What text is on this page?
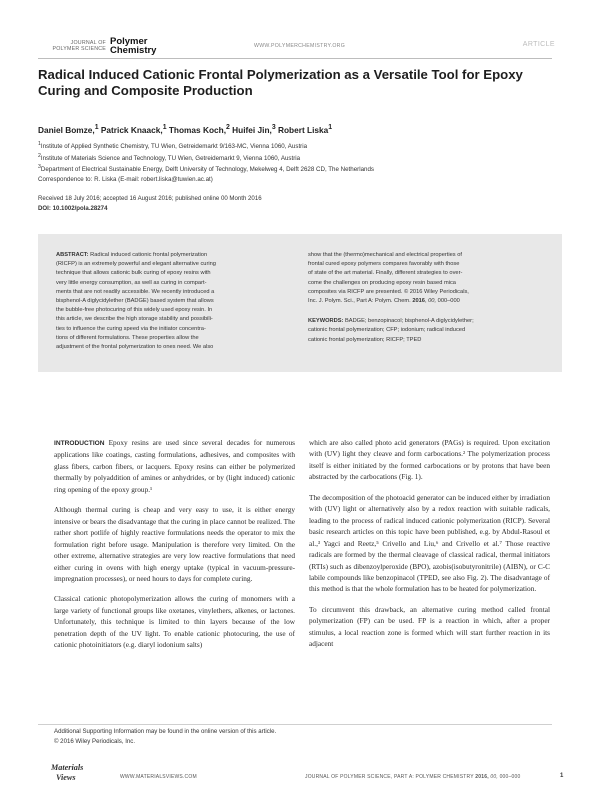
JOURNAL OF
POLYMER SCIENCE
Polymer
Chemistry	WWW.POLYMERCHEMISTRY.ORG	ARTICLE
Radical Induced Cationic Frontal Polymerization as a Versatile Tool for Epoxy Curing and Composite Production
Daniel Bomze,$^1$ Patrick Knaack,$^1$ Thomas Koch,$^2$ Huifei Jin,$^3$ Robert Liska$^1$
$^1$Institute of Applied Synthetic Chemistry, TU Wien, Getreidemarkt 9/163-MC, Vienna 1060, Austria
$^2$Institute of Materials Science and Technology, TU Wien, Getreidemarkt 9, Vienna 1060, Austria
$^3$Department of Electrical Sustainable Energy, Delft University of Technology, Mekelweg 4, Delft 2628 CD, The Netherlands
Correspondence to: R. Liska (E-mail: robert.liska@tuwien.ac.at)
Received 18 July 2016; accepted 16 August 2016; published online 00 Month 2016
DOI: 10.1002/pola.28274
ABSTRACT: Radical induced cationic frontal polymerization
(RICFP) is an extremely powerful and elegant alternative curing
technique that allows cationic bulk curing of epoxy resins with
very little energy consumption, as well as curing in compart-
ments that are not readily accessible. We recently introduced a
bisphenol-A diglycidylether (BADGE) based system that allows
the bubble-free photocuring of this widely used epoxy resin. In
this article, we describe the high storage stability and possibili-
ties to influence the curing speed via the initiator concentra-
tions of different formulations. These properties allow the
adjustment of the frontal polymerization to ones need. We also
show that the (thermo)mechanical and electrical properties of
frontal cured epoxy polymers compares favorably with those
of state of the art material. Finally, different strategies to over-
come the challenges on producing epoxy resin based mica
composites via RICFP are presented. © 2016 Wiley Periodicals,
Inc. J. Polym. Sci., Part A: Polym. Chem. 2016, 00, 000–000
KEYWORDS: BADGE; benzopinacol; bisphenol-A diglycidylether;
cationic frontal polymerization; CFP; iodonium; radical induced
cationic frontal polymerization; RICFP; TPED

INTRODUCTION Epoxy resins are used since several decades for numerous applications like coatings, casting formulations, adhesives, and composites with glass fibers, carbon fibers, or lacquers. Epoxy resins can either be polymerized thermally by polyaddition of amines or anhydrides, or by (light induced) cationic ring opening of the epoxy group.¹

Although thermal curing is cheap and very easy to use, it is either energy intensive or bears the disadvantage that the curing in place cannot be realized. The rather short potlife of highly reactive formulations needs the operator to mix the formulation right before usage. Manipulation is therefore very limited. On the other extreme, alternative strategies are very low reactive formulations that need either curing in ovens with high energy uptake (typical in vacuum-pressure-impregnation processes), or need hours to days for complete curing.

Classical cationic photopolymerization allows the curing of monomers with a large variety of functional groups like oxetanes, vinylethers, alkenes, or lactones. Unfortunately, this technique is limited to thin layers because of the low penetration depth of the UV light. To enable cationic photocuring, the use of cationic photoinitiators (e.g. diaryl iodonium salts)

which are also called photo acid generators (PAGs) is required. Upon excitation with (UV) light they cleave and form carbocations.² The polymerization process itself is either initiated by the formed carbocations or by protons that have been abstracted by the carbocations (Fig. 1).

The decomposition of the photoacid generator can be induced either by irradiation with (UV) light or alternatively also by a redox reaction with suitable radicals, leading to the process of radical induced cationic polymerization (RICP). Several basic research articles on this topic have been published, e.g. by Abdul-Rasoul et al.,³ Yagci and Reetz,⁵ Crivello and Liu,⁶ and Crivello et al.⁷ Those reactive radicals are formed by the thermal cleavage of classical radical, thermal initiators (RTIs) such as dibenzoylperoxide (BPO), azobis(isobutyronitrile) (AIBN), or C-C labile compounds like benzopinacol (TPED, see also Fig. 2). The disadvantage of this method is that the whole formulation has to be heated for polymerization.

To circumvent this drawback, an alternative curing method called frontal polymerization (FP) can be used. FP is a reaction in which, after a proper stimulus, a local reaction zone is formed which will start further reaction in its adjacent

Additional Supporting Information may be found in the online version of this article.
© 2016 Wiley Periodicals, Inc.
Materials
Views	WWW.MATERIALSVIEWS.COM	JOURNAL OF POLYMER SCIENCE, PART A: POLYMER CHEMISTRY 2016, 00, 000–000	1
